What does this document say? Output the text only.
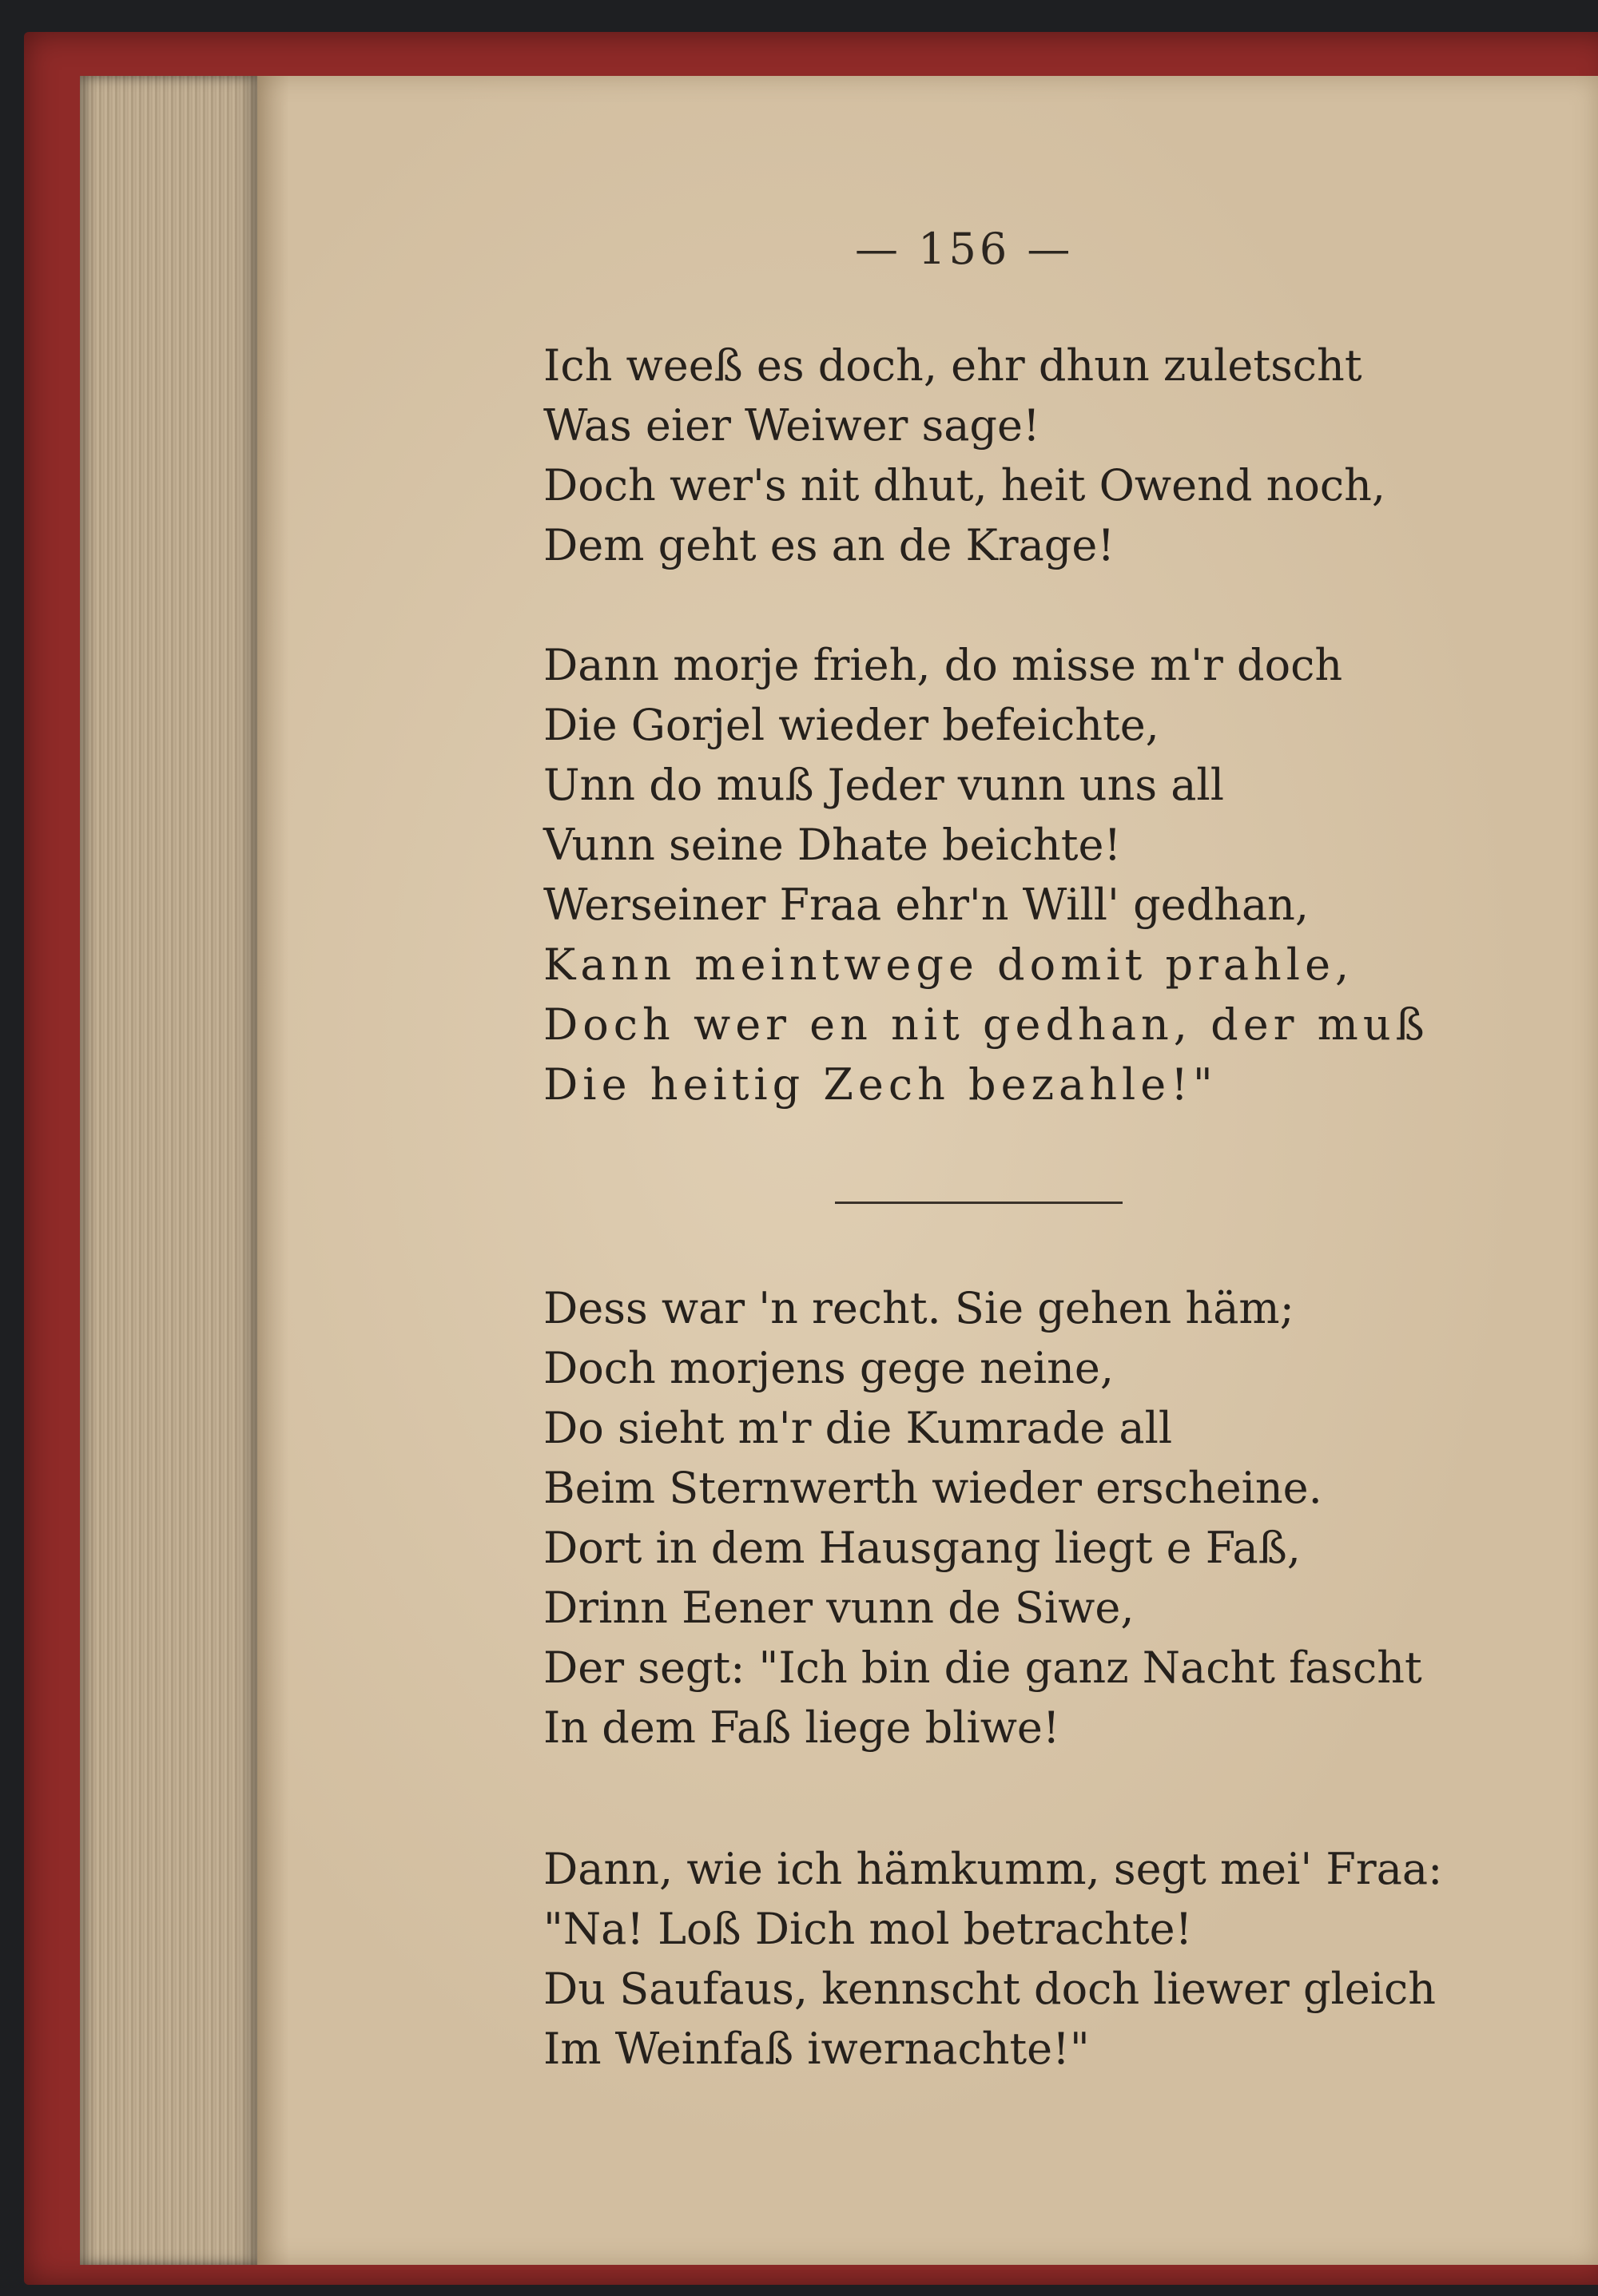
— 156 —

Ich weeß es doch, ehr dhun zuletscht
Was eier Weiwer sage!
Doch wer's nit dhut, heit Owend noch,
Dem geht es an de Krage!

Dann morje frieh, do misse m'r doch
Die Gorjel wieder befeichte,
Unn do muß Jeder vunn uns all
Vunn seine Dhate beichte!
Werseiner Fraa ehr'n Will' gedhan,
Kann meintwege domit prahle,
Doch wer en nit gedhan, der muß
Die heitig Zech bezahle!"

Dess war 'n recht. Sie gehen häm;
Doch morjens gege neine,
Do sieht m'r die Kumrade all
Beim Sternwerth wieder erscheine.
Dort in dem Hausgang liegt e Faß,
Drinn Eener vunn de Siwe,
Der segt: "Ich bin die ganz Nacht fascht
In dem Faß liege bliwe!

Dann, wie ich hämkumm, segt mei' Fraa:
"Na! Loß Dich mol betrachte!
Du Saufaus, kennscht doch liewer gleich
Im Weinfaß iwernachte!"
